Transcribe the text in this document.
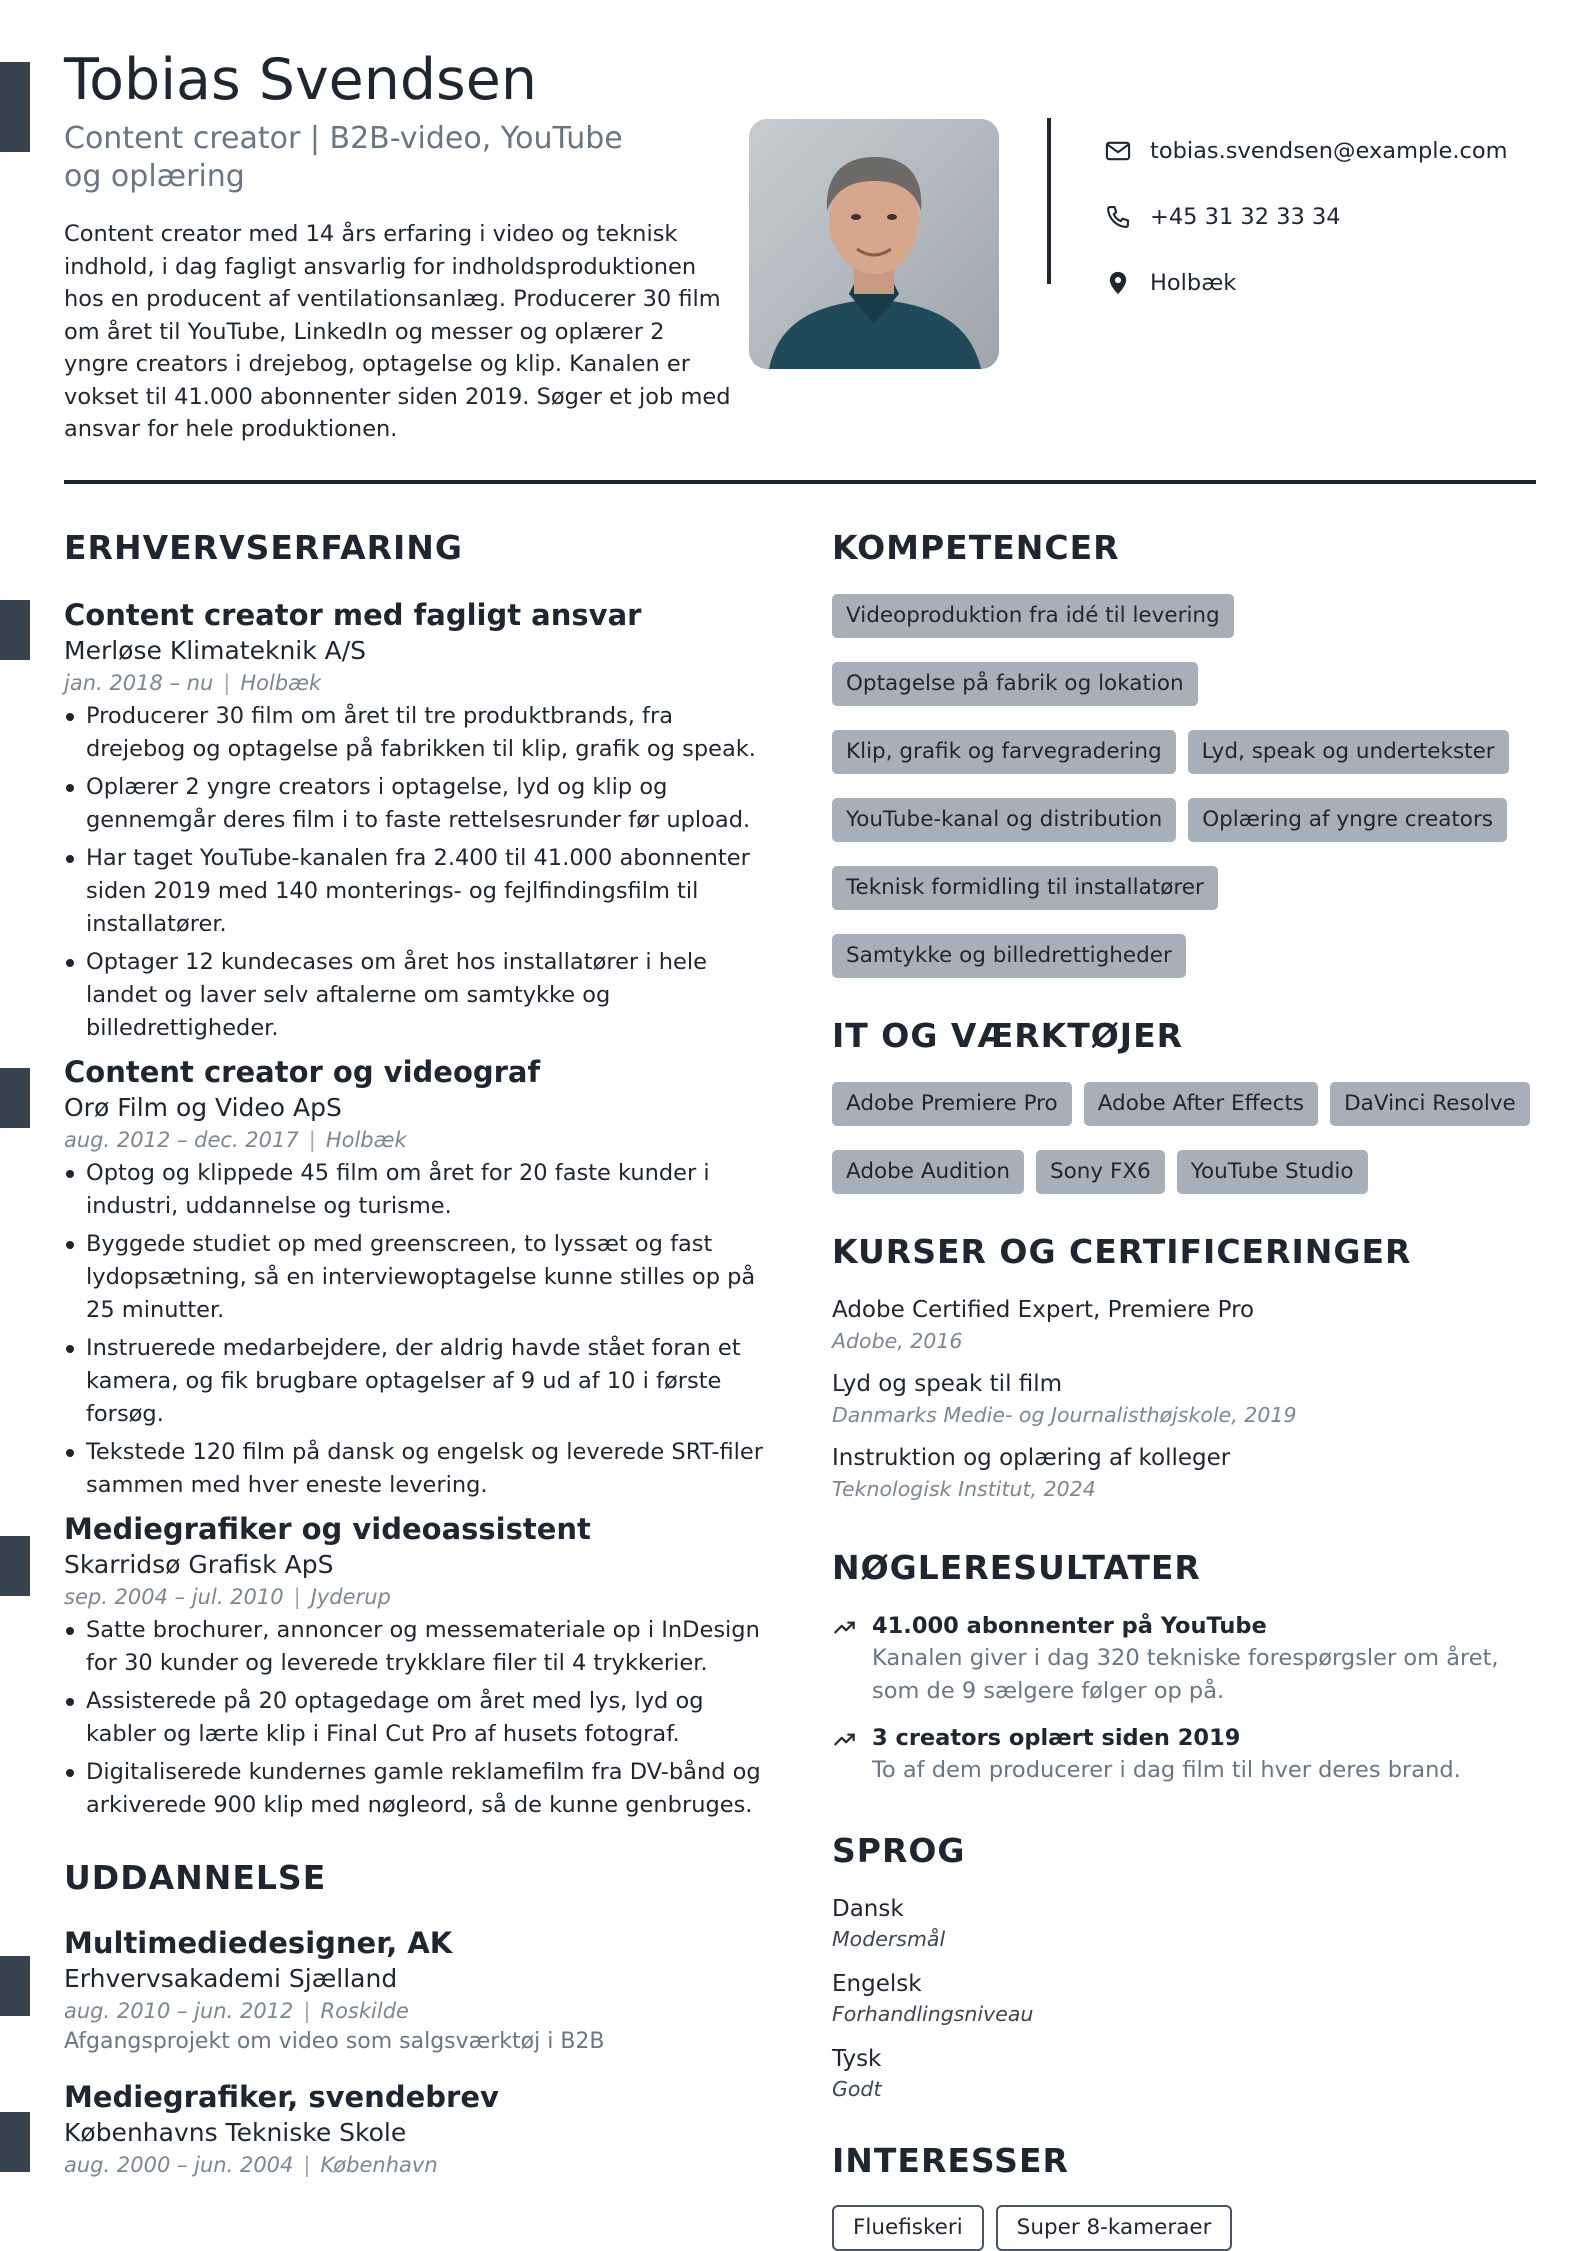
Tobias Svendsen
Content creator | B2B-video, YouTube og oplæring
Content creator med 14 års erfaring i video og teknisk indhold, i dag fagligt ansvarlig for indholdsproduktionen hos en producent af ventilationsanlæg. Producerer 30 film om året til YouTube, LinkedIn og messer og oplærer 2 yngre creators i drejebog, optagelse og klip. Kanalen er vokset til 41.000 abonnenter siden 2019. Søger et job med ansvar for hele produktionen.
tobias.svendsen@example.com
+45 31 32 33 34
Holbæk
ERHVERVSERFARING
Content creator med fagligt ansvar
Merløse Klimateknik A/S
jan. 2018 – nu | Holbæk
Producerer 30 film om året til tre produktbrands, fra drejebog og optagelse på fabrikken til klip, grafik og speak.
Oplærer 2 yngre creators i optagelse, lyd og klip og gennemgår deres film i to faste rettelsesrunder før upload.
Har taget YouTube-kanalen fra 2.400 til 41.000 abonnenter siden 2019 med 140 monterings- og fejlfindingsfilm til installatører.
Optager 12 kundecases om året hos installatører i hele landet og laver selv aftalerne om samtykke og billedrettigheder.
Content creator og videograf
Orø Film og Video ApS
aug. 2012 – dec. 2017 | Holbæk
Optog og klippede 45 film om året for 20 faste kunder i industri, uddannelse og turisme.
Byggede studiet op med greenscreen, to lyssæt og fast lydopsætning, så en interviewoptagelse kunne stilles op på 25 minutter.
Instruerede medarbejdere, der aldrig havde stået foran et kamera, og fik brugbare optagelser af 9 ud af 10 i første forsøg.
Tekstede 120 film på dansk og engelsk og leverede SRT-filer sammen med hver eneste levering.
Mediegrafiker og videoassistent
Skarridsø Grafisk ApS
sep. 2004 – jul. 2010 | Jyderup
Satte brochurer, annoncer og messemateriale op i InDesign for 30 kunder og leverede trykklare filer til 4 trykkerier.
Assisterede på 20 optagedage om året med lys, lyd og kabler og lærte klip i Final Cut Pro af husets fotograf.
Digitaliserede kundernes gamle reklamefilm fra DV-bånd og arkiverede 900 klip med nøgleord, så de kunne genbruges.
UDDANNELSE
Multimediedesigner, AK
Erhvervsakademi Sjælland
aug. 2010 – jun. 2012 | Roskilde
Afgangsprojekt om video som salgsværktøj i B2B
Mediegrafiker, svendebrev
Københavns Tekniske Skole
aug. 2000 – jun. 2004 | København
KOMPETENCER
Videoproduktion fra idé til levering
Optagelse på fabrik og lokation
Klip, grafik og farvegradering	Lyd, speak og undertekster
YouTube-kanal og distribution	Oplæring af yngre creators
Teknisk formidling til installatører
Samtykke og billedrettigheder
IT OG VÆRKTØJER
Adobe Premiere Pro	Adobe After Effects	DaVinci Resolve
Adobe Audition	Sony FX6	YouTube Studio
KURSER OG CERTIFICERINGER
Adobe Certified Expert, Premiere Pro
Adobe, 2016
Lyd og speak til film
Danmarks Medie- og Journalisthøjskole, 2019
Instruktion og oplæring af kolleger
Teknologisk Institut, 2024
NØGLERESULTATER
41.000 abonnenter på YouTube
Kanalen giver i dag 320 tekniske forespørgsler om året, som de 9 sælgere følger op på.
3 creators oplært siden 2019
To af dem producerer i dag film til hver deres brand.
SPROG
Dansk
Modersmål
Engelsk
Forhandlingsniveau
Tysk
Godt
INTERESSER
Fluefiskeri	Super 8-kameraer
